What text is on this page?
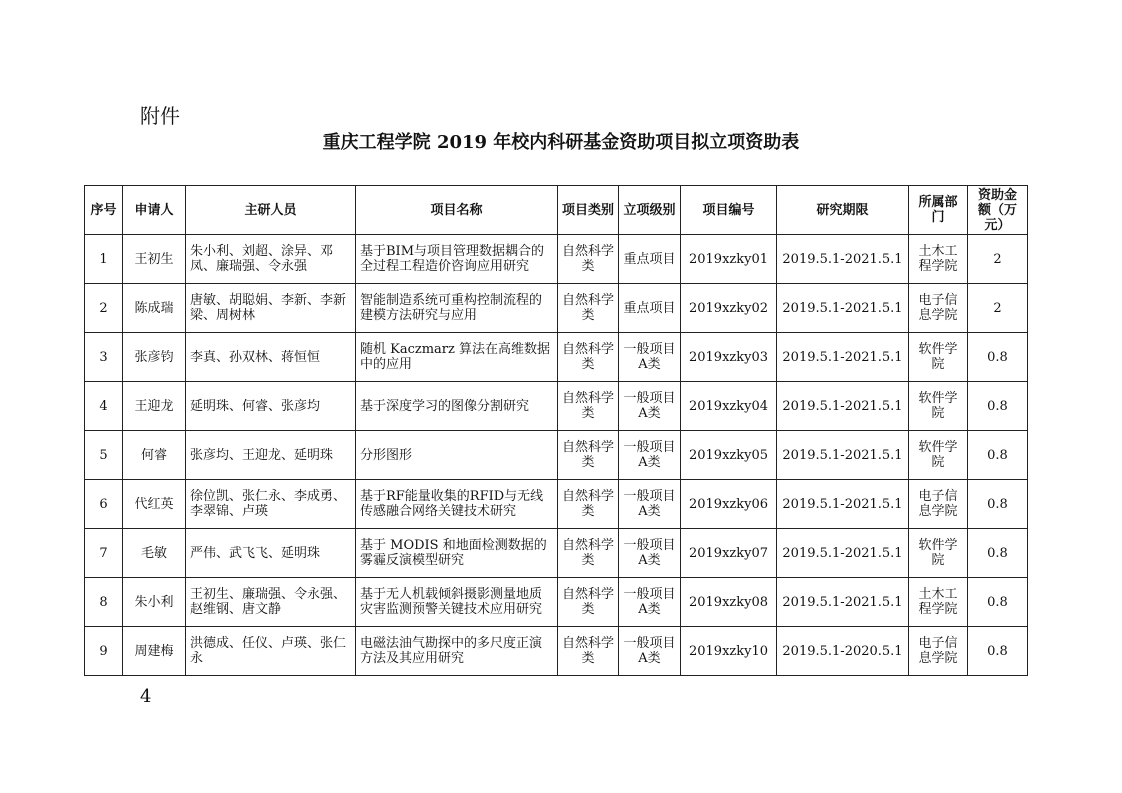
附件
重庆工程学院 2019 年校内科研基金资助项目拟立项资助表
序号	申请人	主研人员	项目名称	项目类别	立项级别	项目编号	研究期限	所属部门	资助金额（万元）
1	王初生	朱小利、刘超、涂异、邓凤、廉瑞强、令永强	基于BIM与项目管理数据耦合的全过程工程造价咨询应用研究	自然科学类	重点项目	2019xzky01	2019.5.1-2021.5.1	土木工程学院	2
2	陈成瑞	唐敏、胡聪娟、李新、李新梁、周树林	智能制造系统可重构控制流程的建模方法研究与应用	自然科学类	重点项目	2019xzky02	2019.5.1-2021.5.1	电子信息学院	2
3	张彦钧	李真、孙双林、蒋恒恒	随机 Kaczmarz 算法在高维数据中的应用	自然科学类	一般项目A类	2019xzky03	2019.5.1-2021.5.1	软件学院	0.8
4	王迎龙	延明珠、何睿、张彦均	基于深度学习的图像分割研究	自然科学类	一般项目A类	2019xzky04	2019.5.1-2021.5.1	软件学院	0.8
5	何睿	张彦均、王迎龙、延明珠	分形图形	自然科学类	一般项目A类	2019xzky05	2019.5.1-2021.5.1	软件学院	0.8
6	代红英	徐位凯、张仁永、李成勇、李翠锦、卢瑛	基于RF能量收集的RFID与无线传感融合网络关键技术研究	自然科学类	一般项目A类	2019xzky06	2019.5.1-2021.5.1	电子信息学院	0.8
7	毛敏	严伟、武飞飞、延明珠	基于 MODIS 和地面检测数据的雾霾反演模型研究	自然科学类	一般项目A类	2019xzky07	2019.5.1-2021.5.1	软件学院	0.8
8	朱小利	王初生、廉瑞强、令永强、赵维钢、唐文静	基于无人机载倾斜摄影测量地质灾害监测预警关键技术应用研究	自然科学类	一般项目A类	2019xzky08	2019.5.1-2021.5.1	土木工程学院	0.8
9	周建梅	洪德成、任仪、卢瑛、张仁永	电磁法油气勘探中的多尺度正演方法及其应用研究	自然科学类	一般项目A类	2019xzky10	2019.5.1-2020.5.1	电子信息学院	0.8
4
